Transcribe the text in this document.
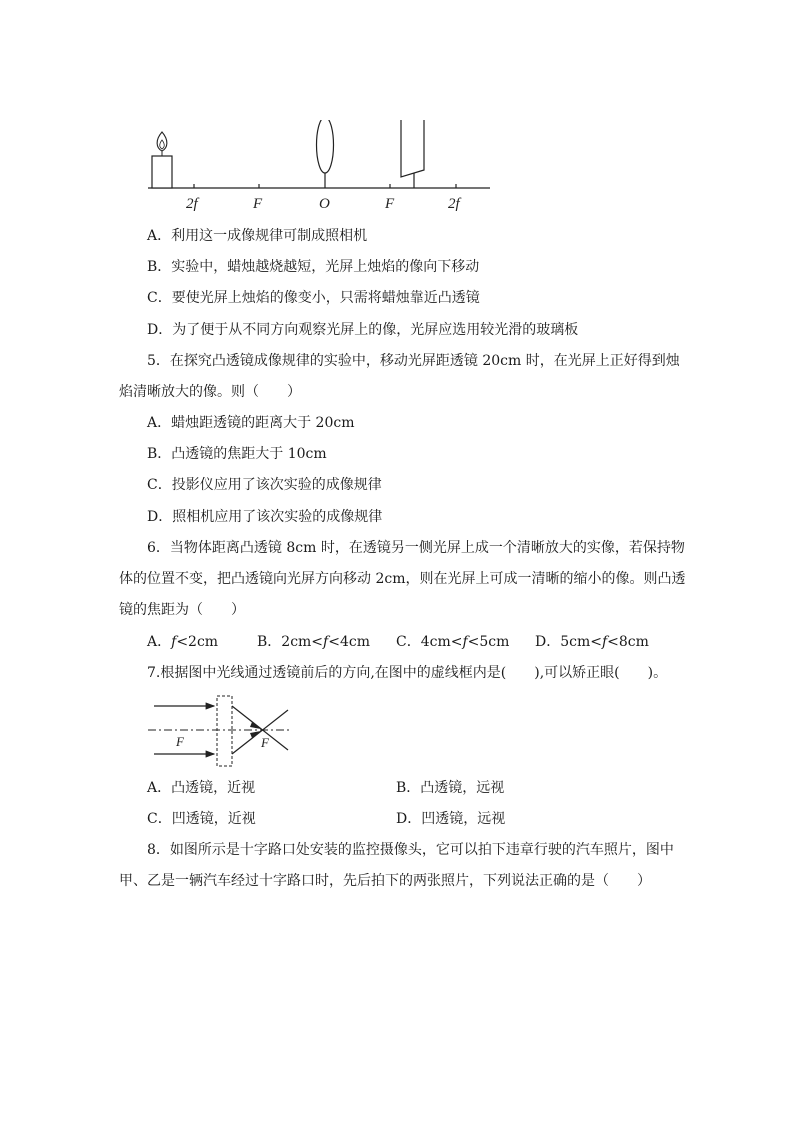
2f	F	O	F	2f
A．利用这一成像规律可制成照相机
B．实验中，蜡烛越烧越短，光屏上烛焰的像向下移动
C．要使光屏上烛焰的像变小，只需将蜡烛靠近凸透镜
D．为了便于从不同方向观察光屏上的像，光屏应选用较光滑的玻璃板
5．在探究凸透镜成像规律的实验中，移动光屏距透镜 20cm 时，在光屏上正好得到烛
焰清晰放大的像。则（　　）
A．蜡烛距透镜的距离大于 20cm
B．凸透镜的焦距大于 10cm
C．投影仪应用了该次实验的成像规律
D．照相机应用了该次实验的成像规律
6．当物体距离凸透镜 8cm 时，在透镜另一侧光屏上成一个清晰放大的实像，若保持物
体的位置不变，把凸透镜向光屏方向移动 2cm，则在光屏上可成一清晰的缩小的像。则凸透
镜的焦距为（　　）
A．f<2cm	B．2cm<f<4cm C．4cm<f<5cm D．5cm<f<8cm
7.根据图中光线通过透镜前后的方向,在图中的虚线框内是(　　),可以矫正眼(　　)。
F	F
A．凸透镜，近视	B．凸透镜，远视
C．凹透镜，近视	D．凹透镜，远视
8．如图所示是十字路口处安装的监控摄像头，它可以拍下违章行驶的汽车照片，图中
甲、乙是一辆汽车经过十字路口时，先后拍下的两张照片，下列说法正确的是（　　）
